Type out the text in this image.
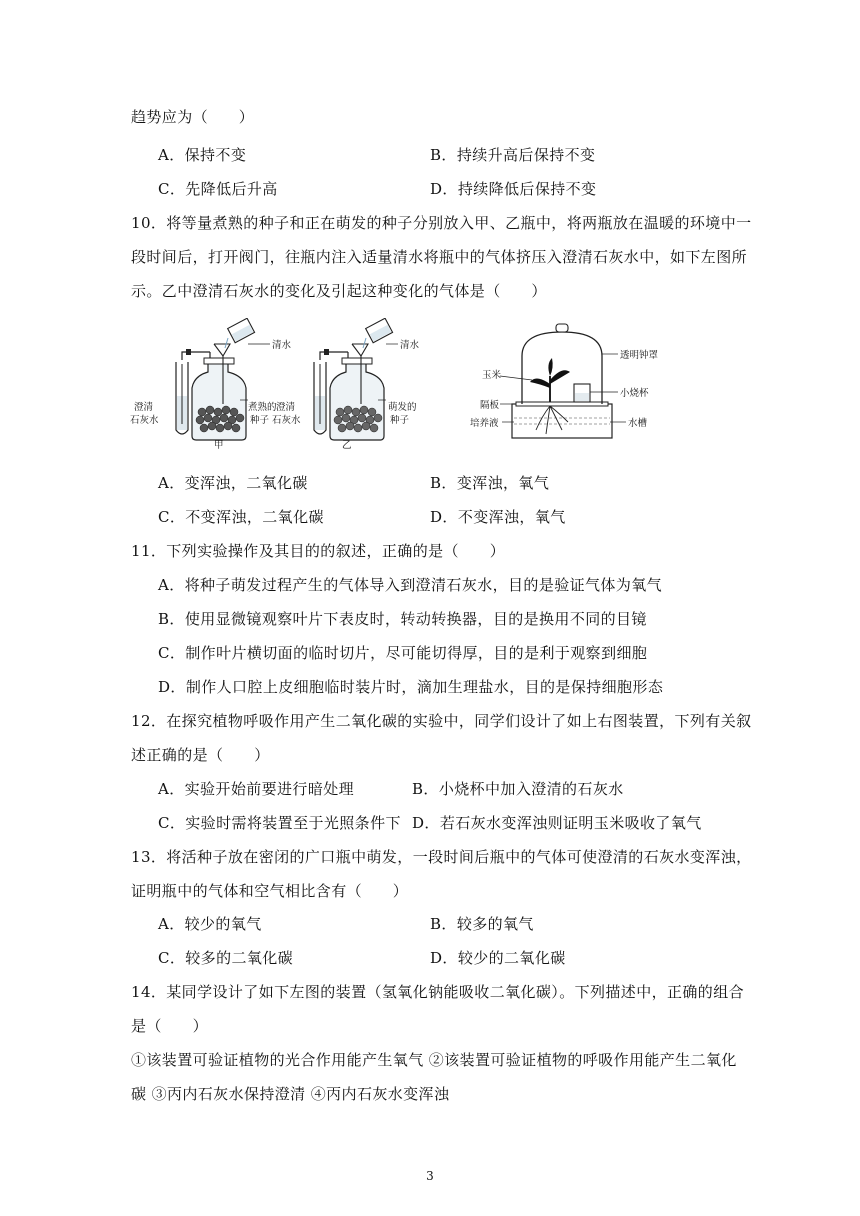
趋势应为（　　）
A．保持不变	B．持续升高后保持不变
C．先降低后升高	D．持续降低后保持不变
10．将等量煮熟的种子和正在萌发的种子分别放入甲、乙瓶中，将两瓶放在温暖的环境中一
段时间后，打开阀门，往瓶内注入适量清水将瓶中的气体挤压入澄清石灰水中，如下左图所
示。乙中澄清石灰水的变化及引起这种变化的气体是（　　）
清水
澄清
石灰水
煮熟的
种子
甲
清水
澄清
石灰水
萌发的
种子
乙
透明钟罩
玉米
小烧杯
隔板
培养液	水槽
A．变浑浊，二氧化碳	B．变浑浊，氧气
C．不变浑浊，二氧化碳	D．不变浑浊，氧气
11．下列实验操作及其目的的叙述，正确的是（　　）
A．将种子萌发过程产生的气体导入到澄清石灰水，目的是验证气体为氧气
B．使用显微镜观察叶片下表皮时，转动转换器，目的是换用不同的目镜
C．制作叶片横切面的临时切片，尽可能切得厚，目的是利于观察到细胞
D．制作人口腔上皮细胞临时装片时，滴加生理盐水，目的是保持细胞形态
12．在探究植物呼吸作用产生二氧化碳的实验中，同学们设计了如上右图装置，下列有关叙
述正确的是（　　）
A．实验开始前要进行暗处理	B．小烧杯中加入澄清的石灰水
C．实验时需将装置至于光照条件下 D．若石灰水变浑浊则证明玉米吸收了氧气
13．将活种子放在密闭的广口瓶中萌发，一段时间后瓶中的气体可使澄清的石灰水变浑浊，
证明瓶中的气体和空气相比含有（　　）
A．较少的氧气	B．较多的氧气
C．较多的二氧化碳	D．较少的二氧化碳
14．某同学设计了如下左图的装置（氢氧化钠能吸收二氧化碳）。下列描述中，正确的组合
是（　　）
①该装置可验证植物的光合作用能产生氧气 ②该装置可验证植物的呼吸作用能产生二氧化
碳 ③丙内石灰水保持澄清 ④丙内石灰水变浑浊
3
